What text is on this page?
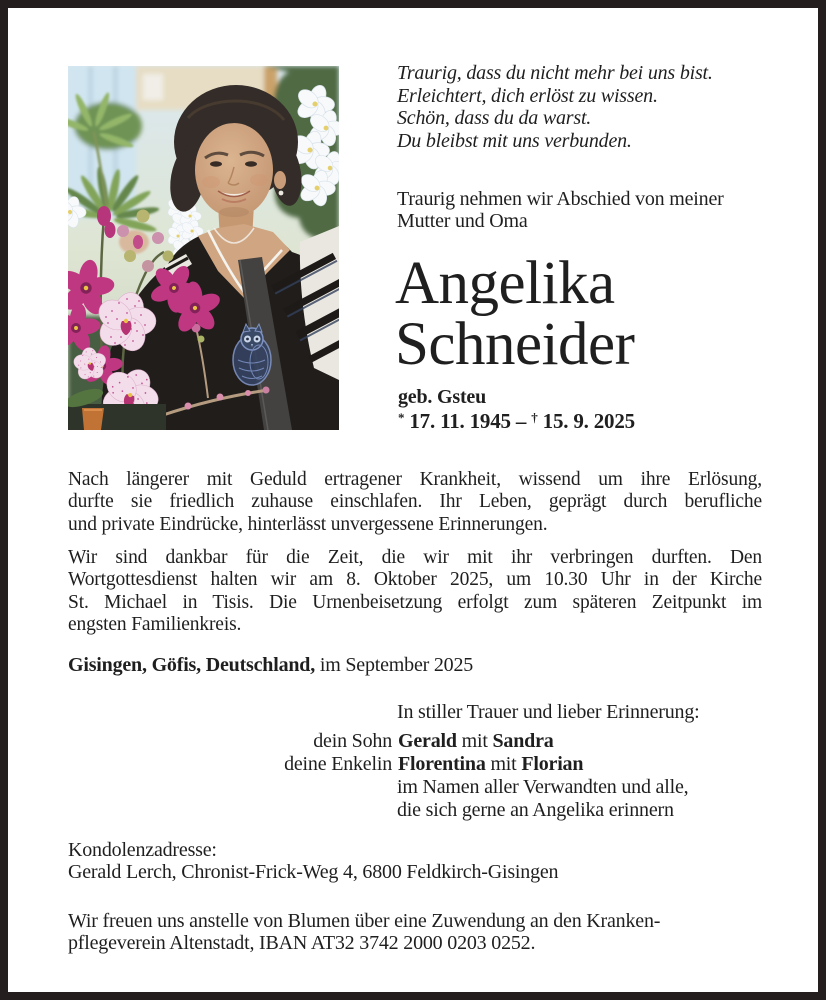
Traurig, dass du nicht mehr bei uns bist.
Erleichtert, dich erlöst zu wissen.
Schön, dass du da warst.
Du bleibst mit uns verbunden.
Traurig nehmen wir Abschied von meiner
Mutter und Oma
Angelika
Schneider
geb. Gsteu
* 17. 11. 1945 – † 15. 9. 2025
Nach längerer mit Geduld ertragener Krankheit, wissend um ihre Erlösung,
durfte sie friedlich zuhause einschlafen. Ihr Leben, geprägt durch berufliche
und private Eindrücke, hinterlässt unvergessene Erinnerungen.
Wir sind dankbar für die Zeit, die wir mit ihr verbringen durften. Den
Wortgottesdienst halten wir am 8. Oktober 2025, um 10.30 Uhr in der Kirche
St. Michael in Tisis. Die Urnenbeisetzung erfolgt zum späteren Zeitpunkt im
engsten Familienkreis.
Gisingen, Göfis, Deutschland, im September 2025
In stiller Trauer und lieber Erinnerung:
dein Sohn Gerald mit Sandra
deine Enkelin Florentina mit Florian
im Namen aller Verwandten und alle,
die sich gerne an Angelika erinnern
Kondolenzadresse:
Gerald Lerch, Chronist-Frick-Weg 4, 6800 Feldkirch-Gisingen
Wir freuen uns anstelle von Blumen über eine Zuwendung an den Kranken-
pflegeverein Altenstadt, IBAN AT32 3742 2000 0203 0252.
